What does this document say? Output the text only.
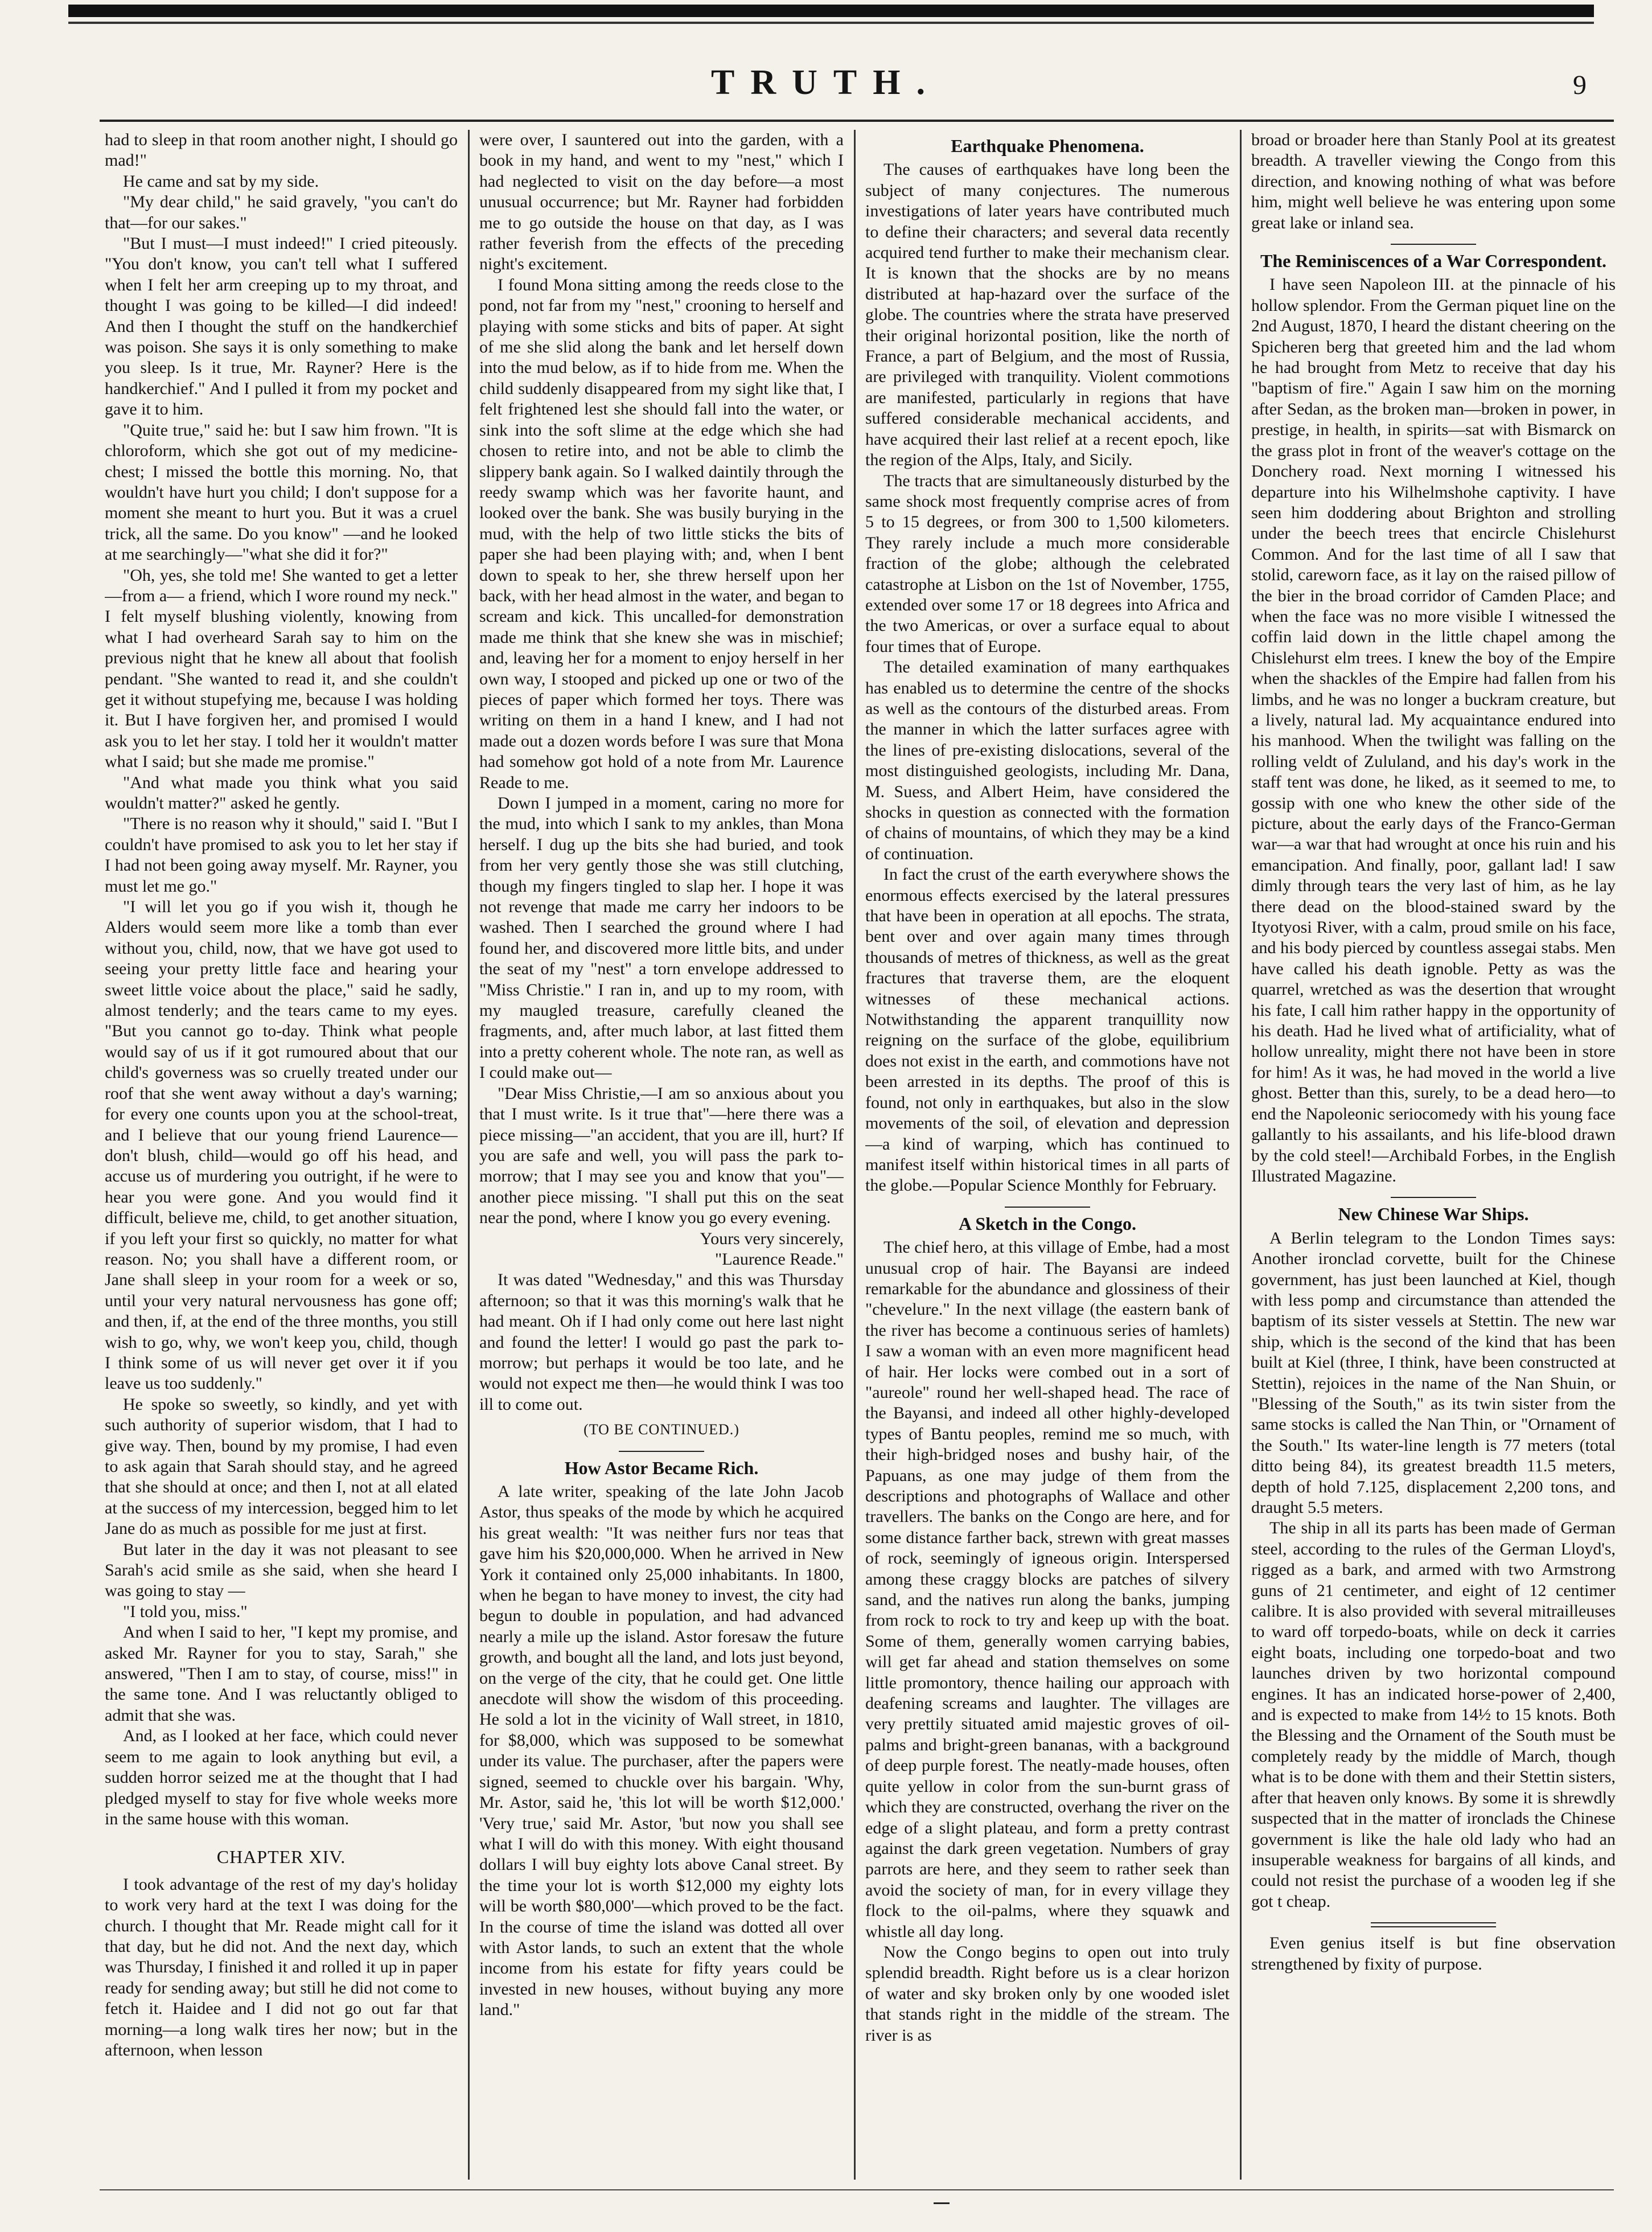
TRUTH.	9

had to sleep in that room another night, I should go mad!"

He came and sat by my side.

"My dear child," he said gravely, "you can't do that—for our sakes."

"But I must—I must indeed!" I cried piteously. "You don't know, you can't tell what I suffered when I felt her arm creeping up to my throat, and thought I was going to be killed—I did indeed! And then I thought the stuff on the handkerchief was poison. She says it is only something to make you sleep. Is it true, Mr. Rayner? Here is the handkerchief." And I pulled it from my pocket and gave it to him.

"Quite true," said he: but I saw him frown. "It is chloroform, which she got out of my medicine-chest; I missed the bottle this morning. No, that wouldn't have hurt you child; I don't suppose for a moment she meant to hurt you. But it was a cruel trick, all the same. Do you know" —and he looked at me searchingly—"what she did it for?"

"Oh, yes, she told me! She wanted to get a letter—from a— a friend, which I wore round my neck." I felt myself blushing violently, knowing from what I had overheard Sarah say to him on the previous night that he knew all about that foolish pendant. "She wanted to read it, and she couldn't get it without stupefying me, because I was holding it. But I have forgiven her, and promised I would ask you to let her stay. I told her it wouldn't matter what I said; but she made me promise."

"And what made you think what you said wouldn't matter?" asked he gently.

"There is no reason why it should," said I. "But I couldn't have promised to ask you to let her stay if I had not been going away myself. Mr. Rayner, you must let me go."

"I will let you go if you wish it, though he Alders would seem more like a tomb than ever without you, child, now, that we have got used to seeing your pretty little face and hearing your sweet little voice about the place," said he sadly, almost tenderly; and the tears came to my eyes. "But you cannot go to-day. Think what people would say of us if it got rumoured about that our child's governess was so cruelly treated under our roof that she went away without a day's warning; for every one counts upon you at the school-treat, and I believe that our young friend Laurence—don't blush, child—would go off his head, and accuse us of murdering you outright, if he were to hear you were gone. And you would find it difficult, believe me, child, to get another situation, if you left your first so quickly, no matter for what reason. No; you shall have a different room, or Jane shall sleep in your room for a week or so, until your very natural nervousness has gone off; and then, if, at the end of the three months, you still wish to go, why, we won't keep you, child, though I think some of us will never get over it if you leave us too suddenly."

He spoke so sweetly, so kindly, and yet with such authority of superior wisdom, that I had to give way. Then, bound by my promise, I had even to ask again that Sarah should stay, and he agreed that she should at once; and then I, not at all elated at the success of my intercession, begged him to let Jane do as much as possible for me just at first.

But later in the day it was not pleasant to see Sarah's acid smile as she said, when she heard I was going to stay —

"I told you, miss."

And when I said to her, "I kept my promise, and asked Mr. Rayner for you to stay, Sarah," she answered, "Then I am to stay, of course, miss!" in the same tone. And I was reluctantly obliged to admit that she was.

And, as I looked at her face, which could never seem to me again to look anything but evil, a sudden horror seized me at the thought that I had pledged myself to stay for five whole weeks more in the same house with this woman.

CHAPTER XIV.

I took advantage of the rest of my day's holiday to work very hard at the text I was doing for the church. I thought that Mr. Reade might call for it that day, but he did not. And the next day, which was Thursday, I finished it and rolled it up in paper ready for sending away; but still he did not come to fetch it. Haidee and I did not go out far that morning—a long walk tires her now; but in the afternoon, when lesson

were over, I sauntered out into the garden, with a book in my hand, and went to my "nest," which I had neglected to visit on the day before—a most unusual occurrence; but Mr. Rayner had forbidden me to go outside the house on that day, as I was rather feverish from the effects of the preceding night's excitement.

I found Mona sitting among the reeds close to the pond, not far from my "nest," crooning to herself and playing with some sticks and bits of paper. At sight of me she slid along the bank and let herself down into the mud below, as if to hide from me. When the child suddenly disappeared from my sight like that, I felt frightened lest she should fall into the water, or sink into the soft slime at the edge which she had chosen to retire into, and not be able to climb the slippery bank again. So I walked daintily through the reedy swamp which was her favorite haunt, and looked over the bank. She was busily burying in the mud, with the help of two little sticks the bits of paper she had been playing with; and, when I bent down to speak to her, she threw herself upon her back, with her head almost in the water, and began to scream and kick. This uncalled-for demonstration made me think that she knew she was in mischief; and, leaving her for a moment to enjoy herself in her own way, I stooped and picked up one or two of the pieces of paper which formed her toys. There was writing on them in a hand I knew, and I had not made out a dozen words before I was sure that Mona had somehow got hold of a note from Mr. Laurence Reade to me.

Down I jumped in a moment, caring no more for the mud, into which I sank to my ankles, than Mona herself. I dug up the bits she had buried, and took from her very gently those she was still clutching, though my fingers tingled to slap her. I hope it was not revenge that made me carry her indoors to be washed. Then I searched the ground where I had found her, and discovered more little bits, and under the seat of my "nest" a torn envelope addressed to "Miss Christie." I ran in, and up to my room, with my maugled treasure, carefully cleaned the fragments, and, after much labor, at last fitted them into a pretty coherent whole. The note ran, as well as I could make out—

"Dear Miss Christie,—I am so anxious about you that I must write. Is it true that"—here there was a piece missing—"an accident, that you are ill, hurt? If you are safe and well, you will pass the park to-morrow; that I may see you and know that you"—another piece missing. "I shall put this on the seat near the pond, where I know you go every evening.

Yours very sincerely,

"Laurence Reade."

It was dated "Wednesday," and this was Thursday afternoon; so that it was this morning's walk that he had meant. Oh if I had only come out here last night and found the letter! I would go past the park to-morrow; but perhaps it would be too late, and he would not expect me then—he would think I was too ill to come out.

(TO BE CONTINUED.)
How Astor Became Rich.

A late writer, speaking of the late John Jacob Astor, thus speaks of the mode by which he acquired his great wealth: "It was neither furs nor teas that gave him his $20,000,000. When he arrived in New York it contained only 25,000 inhabitants. In 1800, when he began to have money to invest, the city had begun to double in population, and had advanced nearly a mile up the island. Astor foresaw the future growth, and bought all the land, and lots just beyond, on the verge of the city, that he could get. One little anecdote will show the wisdom of this proceeding. He sold a lot in the vicinity of Wall street, in 1810, for $8,000, which was supposed to be somewhat under its value. The purchaser, after the papers were signed, seemed to chuckle over his bargain. 'Why, Mr. Astor, said he, 'this lot will be worth $12,000.' 'Very true,' said Mr. Astor, 'but now you shall see what I will do with this money. With eight thousand dollars I will buy eighty lots above Canal street. By the time your lot is worth $12,000 my eighty lots will be worth $80,000'—which proved to be the fact. In the course of time the island was dotted all over with Astor lands, to such an extent that the whole income from his estate for fifty years could be invested in new houses, without buying any more land."

Earthquake Phenomena.

The causes of earthquakes have long been the subject of many conjectures. The numerous investigations of later years have contributed much to define their characters; and several data recently acquired tend further to make their mechanism clear. It is known that the shocks are by no means distributed at hap-hazard over the surface of the globe. The countries where the strata have preserved their original horizontal position, like the north of France, a part of Belgium, and the most of Russia, are privileged with tranquility. Violent commotions are manifested, particularly in regions that have suffered considerable mechanical accidents, and have acquired their last relief at a recent epoch, like the region of the Alps, Italy, and Sicily.

The tracts that are simultaneously disturbed by the same shock most frequently comprise acres of from 5 to 15 degrees, or from 300 to 1,500 kilometers. They rarely include a much more considerable fraction of the globe; although the celebrated catastrophe at Lisbon on the 1st of November, 1755, extended over some 17 or 18 degrees into Africa and the two Americas, or over a surface equal to about four times that of Europe.

The detailed examination of many earthquakes has enabled us to determine the centre of the shocks as well as the contours of the disturbed areas. From the manner in which the latter surfaces agree with the lines of pre-existing dislocations, several of the most distinguished geologists, including Mr. Dana, M. Suess, and Albert Heim, have considered the shocks in question as connected with the formation of chains of mountains, of which they may be a kind of continuation.

In fact the crust of the earth everywhere shows the enormous effects exercised by the lateral pressures that have been in operation at all epochs. The strata, bent over and over again many times through thousands of metres of thickness, as well as the great fractures that traverse them, are the eloquent witnesses of these mechanical actions. Notwithstanding the apparent tranquillity now reigning on the surface of the globe, equilibrium does not exist in the earth, and commotions have not been arrested in its depths. The proof of this is found, not only in earthquakes, but also in the slow movements of the soil, of elevation and depression —a kind of warping, which has continued to manifest itself within historical times in all parts of the globe.—Popular Science Monthly for February.

A Sketch in the Congo.

The chief hero, at this village of Embe, had a most unusual crop of hair. The Bayansi are indeed remarkable for the abundance and glossiness of their "chevelure." In the next village (the eastern bank of the river has become a continuous series of hamlets) I saw a woman with an even more magnificent head of hair. Her locks were combed out in a sort of "aureole" round her well-shaped head. The race of the Bayansi, and indeed all other highly-developed types of Bantu peoples, remind me so much, with their high-bridged noses and bushy hair, of the Papuans, as one may judge of them from the descriptions and photographs of Wallace and other travellers. The banks on the Congo are here, and for some distance farther back, strewn with great masses of rock, seemingly of igneous origin. Interspersed among these craggy blocks are patches of silvery sand, and the natives run along the banks, jumping from rock to rock to try and keep up with the boat. Some of them, generally women carrying babies, will get far ahead and station themselves on some little promontory, thence hailing our approach with deafening screams and laughter. The villages are very prettily situated amid majestic groves of oil-palms and bright-green bananas, with a background of deep purple forest. The neatly-made houses, often quite yellow in color from the sun-burnt grass of which they are constructed, overhang the river on the edge of a slight plateau, and form a pretty contrast against the dark green vegetation. Numbers of gray parrots are here, and they seem to rather seek than avoid the society of man, for in every village they flock to the oil-palms, where they squawk and whistle all day long.

Now the Congo begins to open out into truly splendid breadth. Right before us is a clear horizon of water and sky broken only by one wooded islet that stands right in the middle of the stream. The river is as

broad or broader here than Stanly Pool at its greatest breadth. A traveller viewing the Congo from this direction, and knowing nothing of what was before him, might well believe he was entering upon some great lake or inland sea.

The Reminiscences of a War Correspondent.

I have seen Napoleon III. at the pinnacle of his hollow splendor. From the German piquet line on the 2nd August, 1870, I heard the distant cheering on the Spicheren berg that greeted him and the lad whom he had brought from Metz to receive that day his "baptism of fire." Again I saw him on the morning after Sedan, as the broken man—broken in power, in prestige, in health, in spirits—sat with Bismarck on the grass plot in front of the weaver's cottage on the Donchery road. Next morning I witnessed his departure into his Wilhelmshohe captivity. I have seen him doddering about Brighton and strolling under the beech trees that encircle Chislehurst Common. And for the last time of all I saw that stolid, careworn face, as it lay on the raised pillow of the bier in the broad corridor of Camden Place; and when the face was no more visible I witnessed the coffin laid down in the little chapel among the Chislehurst elm trees. I knew the boy of the Empire when the shackles of the Empire had fallen from his limbs, and he was no longer a buckram creature, but a lively, natural lad. My acquaintance endured into his manhood. When the twilight was falling on the rolling veldt of Zululand, and his day's work in the staff tent was done, he liked, as it seemed to me, to gossip with one who knew the other side of the picture, about the early days of the Franco-German war—a war that had wrought at once his ruin and his emancipation. And finally, poor, gallant lad! I saw dimly through tears the very last of him, as he lay there dead on the blood-stained sward by the Ityotyosi River, with a calm, proud smile on his face, and his body pierced by countless assegai stabs. Men have called his death ignoble. Petty as was the quarrel, wretched as was the desertion that wrought his fate, I call him rather happy in the opportunity of his death. Had he lived what of artificiality, what of hollow unreality, might there not have been in store for him! As it was, he had moved in the world a live ghost. Better than this, surely, to be a dead hero—to end the Napoleonic seriocomedy with his young face gallantly to his assailants, and his life-blood drawn by the cold steel!—Archibald Forbes, in the English Illustrated Magazine.

New Chinese War Ships.

A Berlin telegram to the London Times says: Another ironclad corvette, built for the Chinese government, has just been launched at Kiel, though with less pomp and circumstance than attended the baptism of its sister vessels at Stettin. The new war ship, which is the second of the kind that has been built at Kiel (three, I think, have been constructed at Stettin), rejoices in the name of the Nan Shuin, or "Blessing of the South," as its twin sister from the same stocks is called the Nan Thin, or "Ornament of the South." Its water-line length is 77 meters (total ditto being 84), its greatest breadth 11.5 meters, depth of hold 7.125, displacement 2,200 tons, and draught 5.5 meters.

The ship in all its parts has been made of German steel, according to the rules of the German Lloyd's, rigged as a bark, and armed with two Armstrong guns of 21 centimeter, and eight of 12 centimer calibre. It is also provided with several mitrailleuses to ward off torpedo-boats, while on deck it carries eight boats, including one torpedo-boat and two launches driven by two horizontal compound engines. It has an indicated horse-power of 2,400, and is expected to make from 14½ to 15 knots. Both the Blessing and the Ornament of the South must be completely ready by the middle of March, though what is to be done with them and their Stettin sisters, after that heaven only knows. By some it is shrewdly suspected that in the matter of ironclads the Chinese government is like the hale old lady who had an insuperable weakness for bargains of all kinds, and could not resist the purchase of a wooden leg if she got t cheap.

Even genius itself is but fine observation strengthened by fixity of purpose.
